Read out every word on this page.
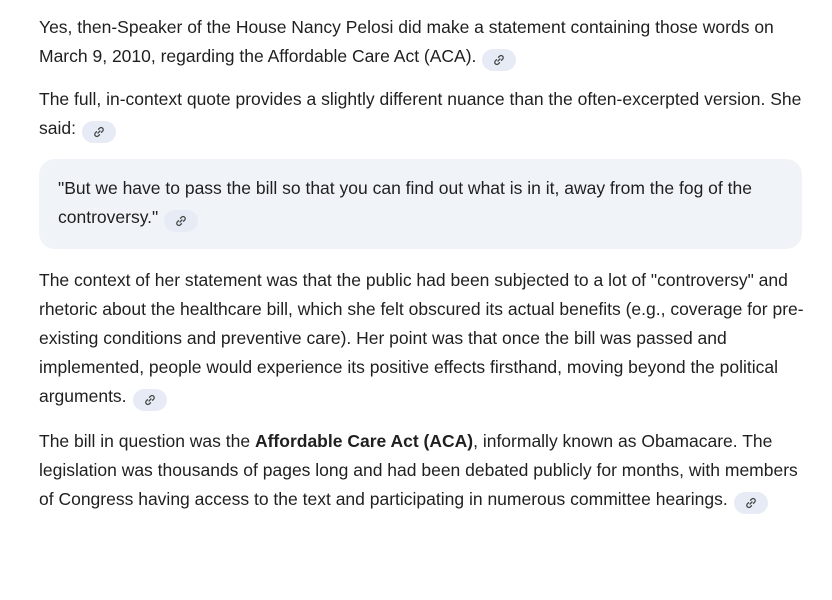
Yes, then-Speaker of the House Nancy Pelosi did make a statement containing those words on March 9, 2010, regarding the Affordable Care Act (ACA).

The full, in-context quote provides a slightly different nuance than the often-excerpted version. She said:

"But we have to pass the bill so that you can find out what is in it, away from the fog of the controversy."

The context of her statement was that the public had been subjected to a lot of "controversy" and rhetoric about the healthcare bill, which she felt obscured its actual benefits (e.g., coverage for pre-existing conditions and preventive care). Her point was that once the bill was passed and implemented, people would experience its positive effects firsthand, moving beyond the political arguments.

The bill in question was the Affordable Care Act (ACA), informally known as Obamacare. The legislation was thousands of pages long and had been debated publicly for months, with members of Congress having access to the text and participating in numerous committee hearings.
